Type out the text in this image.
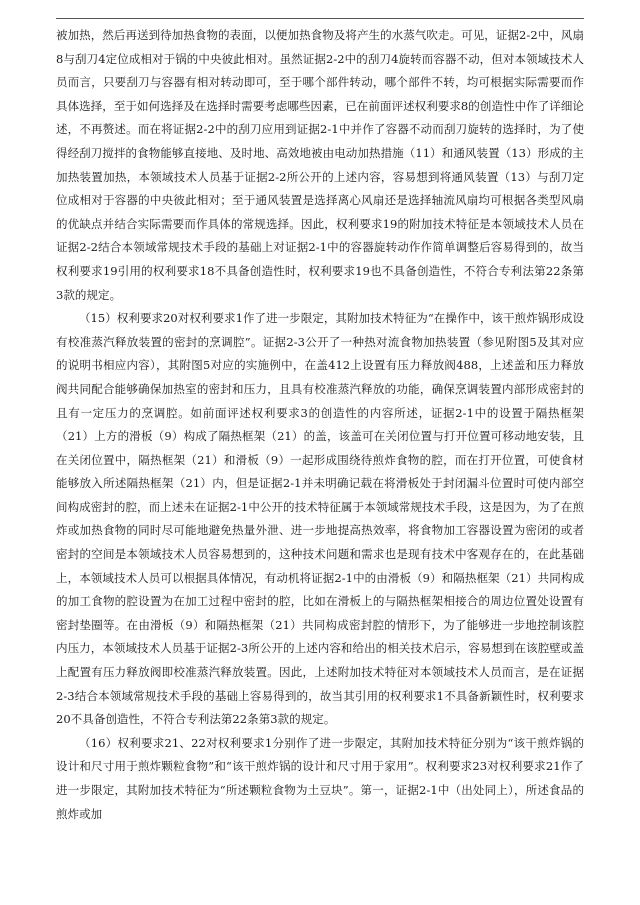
被加热，然后再送到待加热食物的表面，以便加热食物及将产生的水蒸气吹走。可见，证据2-2中，风扇8与刮刀4定位成相对于锅的中央彼此相对。虽然证据2-2中的刮刀4旋转而容器不动，但对本领域技术人员而言，只要刮刀与容器有相对转动即可，至于哪个部件转动，哪个部件不转，均可根据实际需要而作具体选择，至于如何选择及在选择时需要考虑哪些因素，已在前面评述权利要求8的创造性中作了详细论述，不再赘述。而在将证据2-2中的刮刀应用到证据2-1中并作了容器不动而刮刀旋转的选择时，为了使得经刮刀搅拌的食物能够直接地、及时地、高效地被由电动加热措施（11）和通风装置（13）形成的主加热装置加热，本领域技术人员基于证据2-2所公开的上述内容，容易想到将通风装置（13）与刮刀定位成相对于容器的中央彼此相对；至于通风装置是选择离心风扇还是选择轴流风扇均可根据各类型风扇的优缺点并结合实际需要而作具体的常规选择。因此，权利要求19的附加技术特征是本领域技术人员在证据2-2结合本领域常规技术手段的基础上对证据2-1中的容器旋转动作作简单调整后容易得到的，故当权利要求19引用的权利要求18不具备创造性时，权利要求19也不具备创造性，不符合专利法第22条第3款的规定。

（15）权利要求20对权利要求1作了进一步限定，其附加技术特征为“在操作中，该干煎炸锅形成设有校准蒸汽释放装置的密封的烹调腔”。证据2-3公开了一种热对流食物加热装置（参见附图5及其对应的说明书相应内容），其附图5对应的实施例中，在盖412上设置有压力释放阀488，上述盖和压力释放阀共同配合能够确保加热室的密封和压力，且具有校准蒸汽释放的功能，确保烹调装置内部形成密封的且有一定压力的烹调腔。如前面评述权利要求3的创造性的内容所述，证据2-1中的设置于隔热框架（21）上方的滑板（9）构成了隔热框架（21）的盖，该盖可在关闭位置与打开位置可移动地安装，且在关闭位置中，隔热框架（21）和滑板（9）一起形成围绕待煎炸食物的腔，而在打开位置，可使食材能够放入所述隔热框架（21）内，但是证据2-1并未明确记载在将滑板处于封闭漏斗位置时可使内部空间构成密封的腔，而上述未在证据2-1中公开的技术特征属于本领域常规技术手段，这是因为，为了在煎炸或加热食物的同时尽可能地避免热量外泄、进一步地提高热效率，将食物加工容器设置为密闭的或者密封的空间是本领域技术人员容易想到的，这种技术问题和需求也是现有技术中客观存在的，在此基础上，本领域技术人员可以根据具体情况，有动机将证据2-1中的由滑板（9）和隔热框架（21）共同构成的加工食物的腔设置为在加工过程中密封的腔，比如在滑板上的与隔热框架相接合的周边位置处设置有密封垫圈等。在由滑板（9）和隔热框架（21）共同构成密封腔的情形下，为了能够进一步地控制该腔内压力，本领域技术人员基于证据2-3所公开的上述内容和给出的相关技术启示，容易想到在该腔壁或盖上配置有压力释放阀即校准蒸汽释放装置。因此，上述附加技术特征对本领域技术人员而言，是在证据2-3结合本领域常规技术手段的基础上容易得到的，故当其引用的权利要求1不具备新颖性时，权利要求20不具备创造性，不符合专利法第22条第3款的规定。

（16）权利要求21、22对权利要求1分别作了进一步限定，其附加技术特征分别为“该干煎炸锅的设计和尺寸用于煎炸颗粒食物”和“该干煎炸锅的设计和尺寸用于家用”。权利要求23对权利要求21作了进一步限定，其附加技术特征为“所述颗粒食物为土豆块”。第一，证据2-1中（出处同上），所述食品的煎炸或加
